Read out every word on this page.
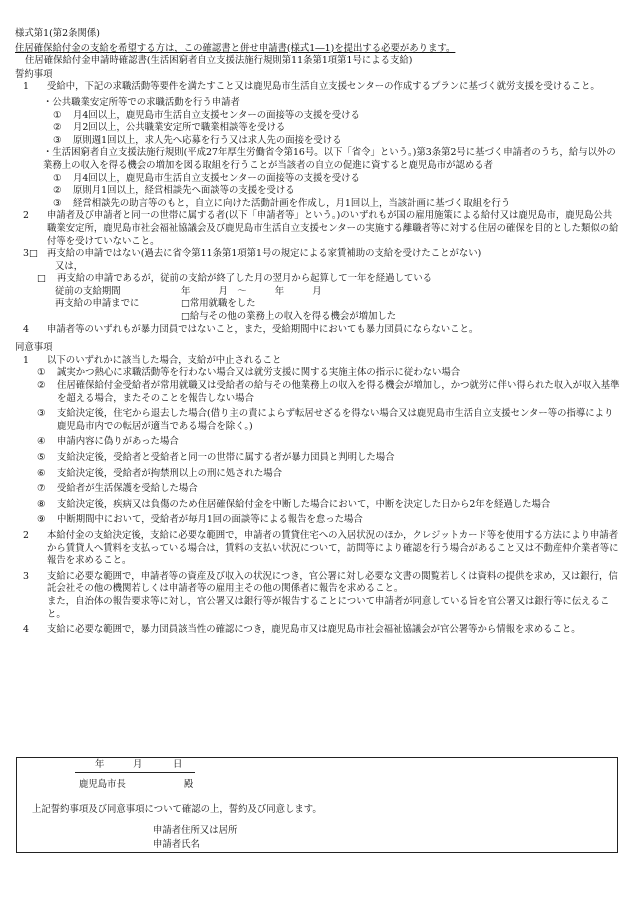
様式第1(第2条関係)

住居確保給付金の支給を希望する方は，この確認書と併せ申請書(様式1―1)を提出する必要があります。

住居確保給付金申請時確認書(生活困窮者自立支援法施行規則第11条第1項第1号による支給)

誓約事項

1	受給中，下記の求職活動等要件を満たすこと又は鹿児島市生活自立支援センターの作成するプランに基づく就労支援を受けること。

・公共職業安定所等での求職活動を行う申請者

①	月4回以上，鹿児島市生活自立支援センターの面接等の支援を受ける
②	月2回以上，公共職業安定所で職業相談等を受ける
③	原則週1回以上，求人先へ応募を行う又は求人先の面接を受ける
・生活困窮者自立支援法施行規則(平成27年厚生労働省令第16号。以下「省令」という。)第3条第2号に基づく申請者のうち，給与以外の業務上の収入を得る機会の増加を図る取組を行うことが当該者の自立の促進に資すると鹿児島市が認める者
①	月4回以上，鹿児島市生活自立支援センターの面接等の支援を受ける
②	原則月1回以上，経営相談先へ面談等の支援を受ける
③	経営相談先の助言等のもと，自立に向けた活動計画を作成し，月1回以上，当該計画に基づく取組を行う
2	申請者及び申請者と同一の世帯に属する者(以下「申請者等」という。)のいずれもが国の雇用施策による給付又は鹿児島市，鹿児島公共職業安定所，鹿児島市社会福祉協議会及び鹿児島市生活自立支援センターの実施する離職者等に対する住居の確保を目的とした類似の給付等を受けていないこと。
3□ 再支給の申請ではない(過去に省令第11条第1項第1号の規定による家賃補助の支給を受けたことがない)

又は，

□	再支給の申請であるが，従前の支給が終了した月の翌月から起算して一年を経過している
従前の支給期間	年　　　月　〜　　　年　　　月
再支給の申請までに	□常用就職をした
□給与その他の業務上の収入を得る機会が増加した
4	申請者等のいずれもが暴力団員ではないこと，また，受給期間中においても暴力団員にならないこと。

同意事項

1	以下のいずれかに該当した場合，支給が中止されること
①	誠実かつ熱心に求職活動等を行わない場合又は就労支援に関する実施主体の指示に従わない場合
②	住居確保給付金受給者が常用就職又は受給者の給与その他業務上の収入を得る機会が増加し，かつ就労に伴い得られた収入が収入基準を超える場合，またそのことを報告しない場合
③	支給決定後，住宅から退去した場合(借り主の責によらず転居せざるを得ない場合又は鹿児島市生活自立支援センター等の指導により鹿児島市内での転居が適当である場合を除く。)
④	申請内容に偽りがあった場合
⑤	支給決定後，受給者と受給者と同一の世帯に属する者が暴力団員と判明した場合
⑥	支給決定後，受給者が拘禁刑以上の刑に処された場合
⑦	受給者が生活保護を受給した場合
⑧	支給決定後，疾病又は負傷のため住居確保給付金を中断した場合において，中断を決定した日から2年を経過した場合
⑨	中断期間中において，受給者が毎月1回の面談等による報告を怠った場合
2	本給付金の支給決定後，支給に必要な範囲で，申請者の賃貸住宅への入居状況のほか，クレジットカード等を使用する方法により申請者から賃貸人へ賃料を支払っている場合は，賃料の支払い状況について，訪問等により確認を行う場合があること又は不動産仲介業者等に報告を求めること。
3	支給に必要な範囲で，申請者等の資産及び収入の状況につき，官公署に対し必要な文書の閲覧若しくは資料の提供を求め，又は銀行，信託会社その他の機関若しくは申請者等の雇用主その他の関係者に報告を求めること。

また，自治体の報告要求等に対し，官公署又は銀行等が報告することについて申請者が同意している旨を官公署又は銀行等に伝えること。

4	支給に必要な範囲で，暴力団員該当性の確認につき，鹿児島市又は鹿児島市社会福祉協議会が官公署等から情報を求めること。
年	月	日
鹿児島市長	殿
上記誓約事項及び同意事項について確認の上，誓約及び同意します。
申請者住所又は居所
申請者氏名
